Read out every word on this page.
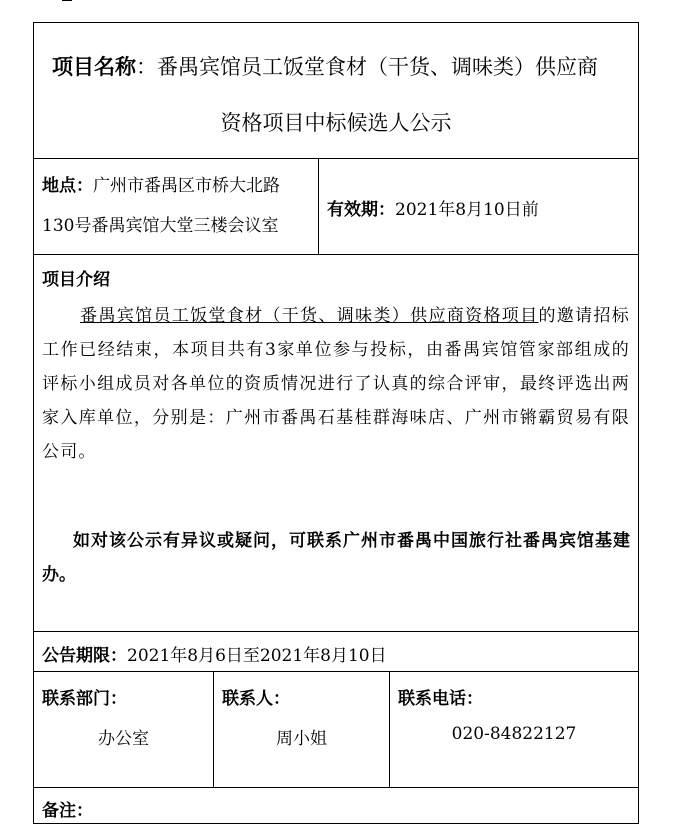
项目名称：番禺宾馆员工饭堂食材（干货、调味类）供应商
资格项目中标候选人公示
地点：广州市番禺区市桥大北路
130号番禺宾馆大堂三楼会议室
有效期：2021年8月10日前
项目介绍
番禺宾馆员工饭堂食材（干货、调味类）供应商资格项目的邀请招标工作已经结束，本项目共有3家单位参与投标，由番禺宾馆管家部组成的评标小组成员对各单位的资质情况进行了认真的综合评审，最终评选出两家入库单位，分别是：广州市番禺石基桂群海味店、广州市锵霸贸易有限公司。
如对该公示有异议或疑问，可联系广州市番禺中国旅行社番禺宾馆基建办。
公告期限：2021年8月6日至2021年8月10日
联系部门：
办公室
联系人：
周小姐
联系电话：
020-84822127
备注：
